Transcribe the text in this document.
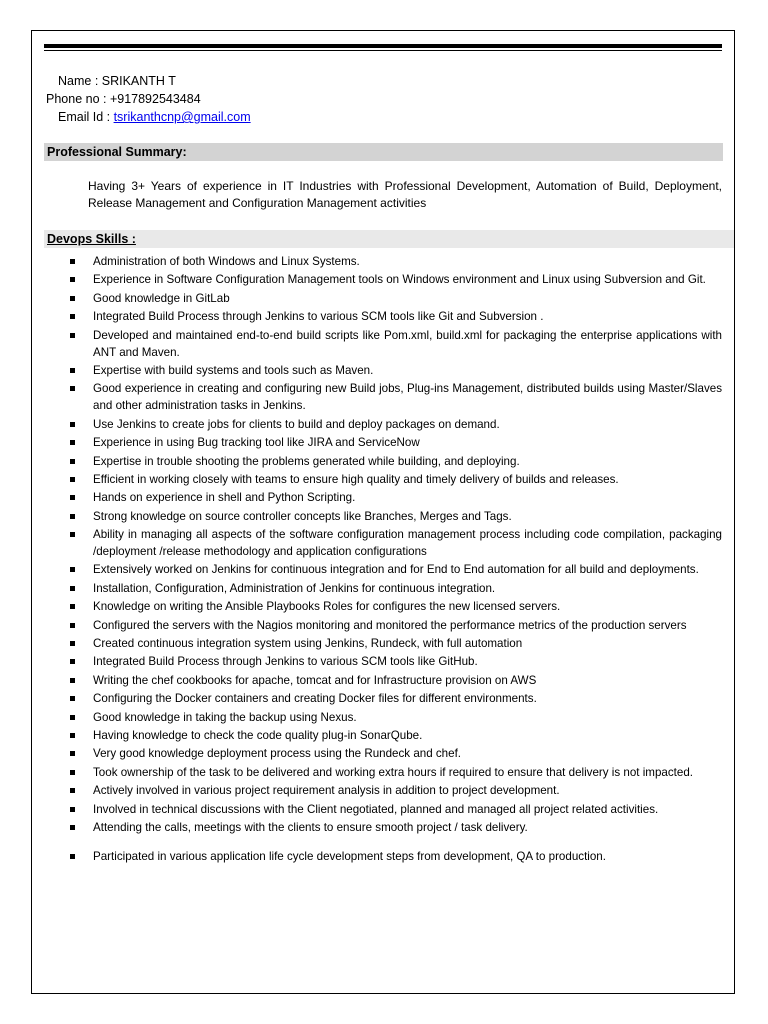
Name : SRIKANTH T
Phone no : +917892543484
Email Id : tsrikanthcnp@gmail.com
Professional Summary:
Having 3+ Years of experience in IT Industries with Professional Development, Automation of Build, Deployment, Release Management and Configuration Management activities
Devops Skills :
Administration of both Windows and Linux Systems.
Experience in Software Configuration Management tools on Windows environment and Linux using Subversion and Git.
Good knowledge in GitLab
Integrated Build Process through Jenkins to various SCM tools like Git and Subversion .
Developed and maintained end-to-end build scripts like Pom.xml, build.xml for packaging the enterprise applications with ANT and Maven.
Expertise with build systems and tools such as Maven.
Good experience in creating and configuring new Build jobs, Plug-ins Management, distributed builds using Master/Slaves and other administration tasks in Jenkins.
Use Jenkins to create jobs for clients to build and deploy packages on demand.
Experience in using Bug tracking tool like JIRA and ServiceNow
Expertise in trouble shooting the problems generated while building, and deploying.
Efficient in working closely with teams to ensure high quality and timely delivery of builds and releases.
Hands on experience in shell and Python Scripting.
Strong knowledge on source controller concepts like Branches, Merges and Tags.
Ability in managing all aspects of the software configuration management process including code compilation, packaging /deployment /release methodology and application configurations
Extensively worked on Jenkins for continuous integration and for End to End automation for all build and deployments.
Installation, Configuration, Administration of Jenkins for continuous integration.
Knowledge on writing the Ansible Playbooks Roles for configures the new licensed servers.
Configured the servers with the Nagios monitoring and monitored the performance metrics of the production servers
Created continuous integration system using Jenkins, Rundeck, with full automation
Integrated Build Process through Jenkins to various SCM tools like GitHub.
Writing the chef cookbooks for apache, tomcat and for Infrastructure provision on AWS
Configuring the Docker containers and creating Docker files for different environments.
Good knowledge in taking the backup using Nexus.
Having knowledge to check the code quality plug-in SonarQube.
Very good knowledge deployment process using the Rundeck and chef.
Took ownership of the task to be delivered and working extra hours if required to ensure that delivery is not impacted.
Actively involved in various project requirement analysis in addition to project development.
Involved in technical discussions with the Client negotiated, planned and managed all project related activities.
Attending the calls, meetings with the clients to ensure smooth project / task delivery.
Participated in various application life cycle development steps from development, QA to production.
